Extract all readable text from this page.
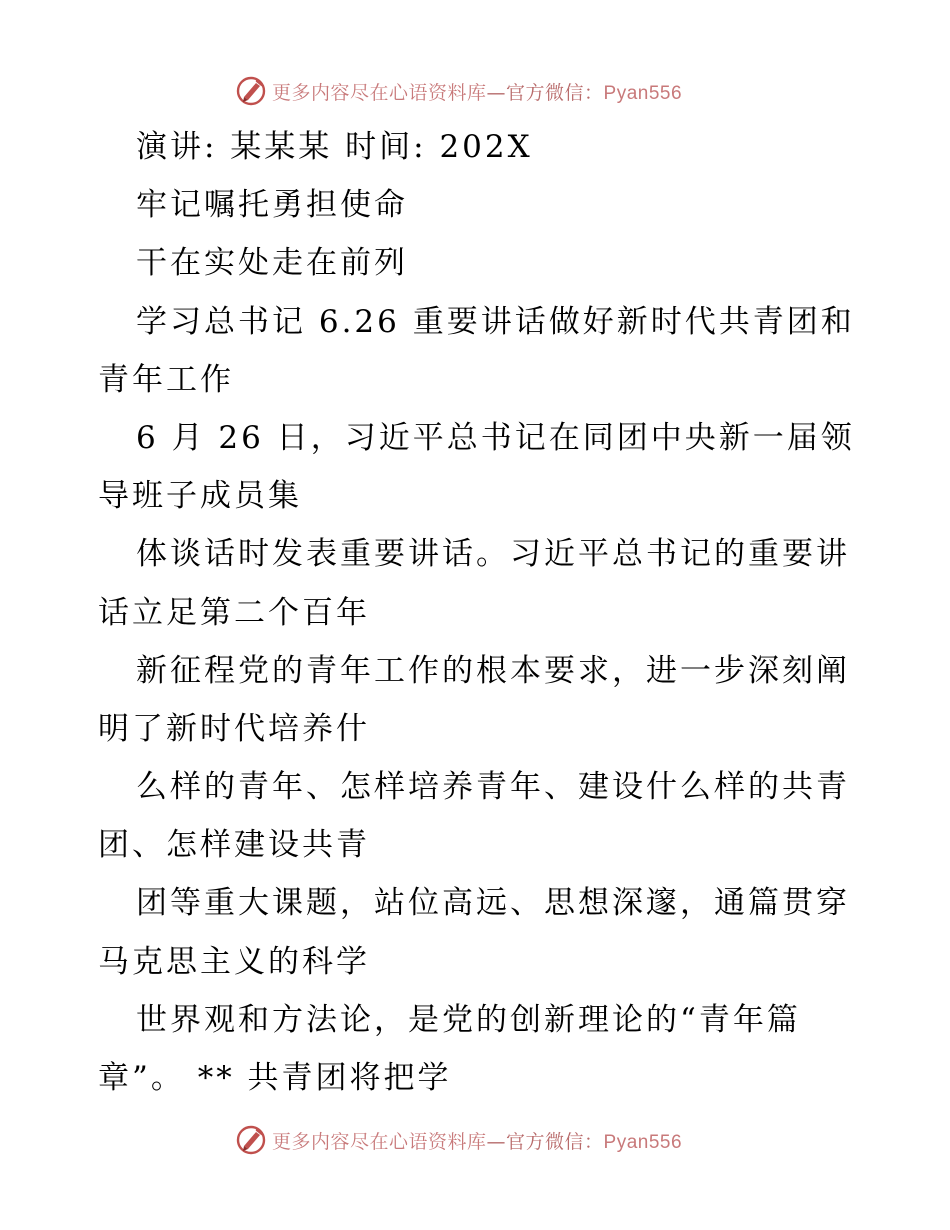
更多内容尽在心语资料库—官方微信：Pyan556
演讲: 某某某 时间: 202X
牢记嘱托勇担使命
干在实处走在前列
学习总书记 6.26 重要讲话做好新时代共青团和
青年工作
6 月 26 日，习近平总书记在同团中央新一届领
导班子成员集
体谈话时发表重要讲话。习近平总书记的重要讲
话立足第二个百年
新征程党的青年工作的根本要求，进一步深刻阐
明了新时代培养什
么样的青年、怎样培养青年、建设什么样的共青
团、怎样建设共青
团等重大课题，站位高远、思想深邃，通篇贯穿
马克思主义的科学
世界观和方法论，是党的创新理论的“青年篇
章”。 ** 共青团将把学
更多内容尽在心语资料库—官方微信：Pyan556
